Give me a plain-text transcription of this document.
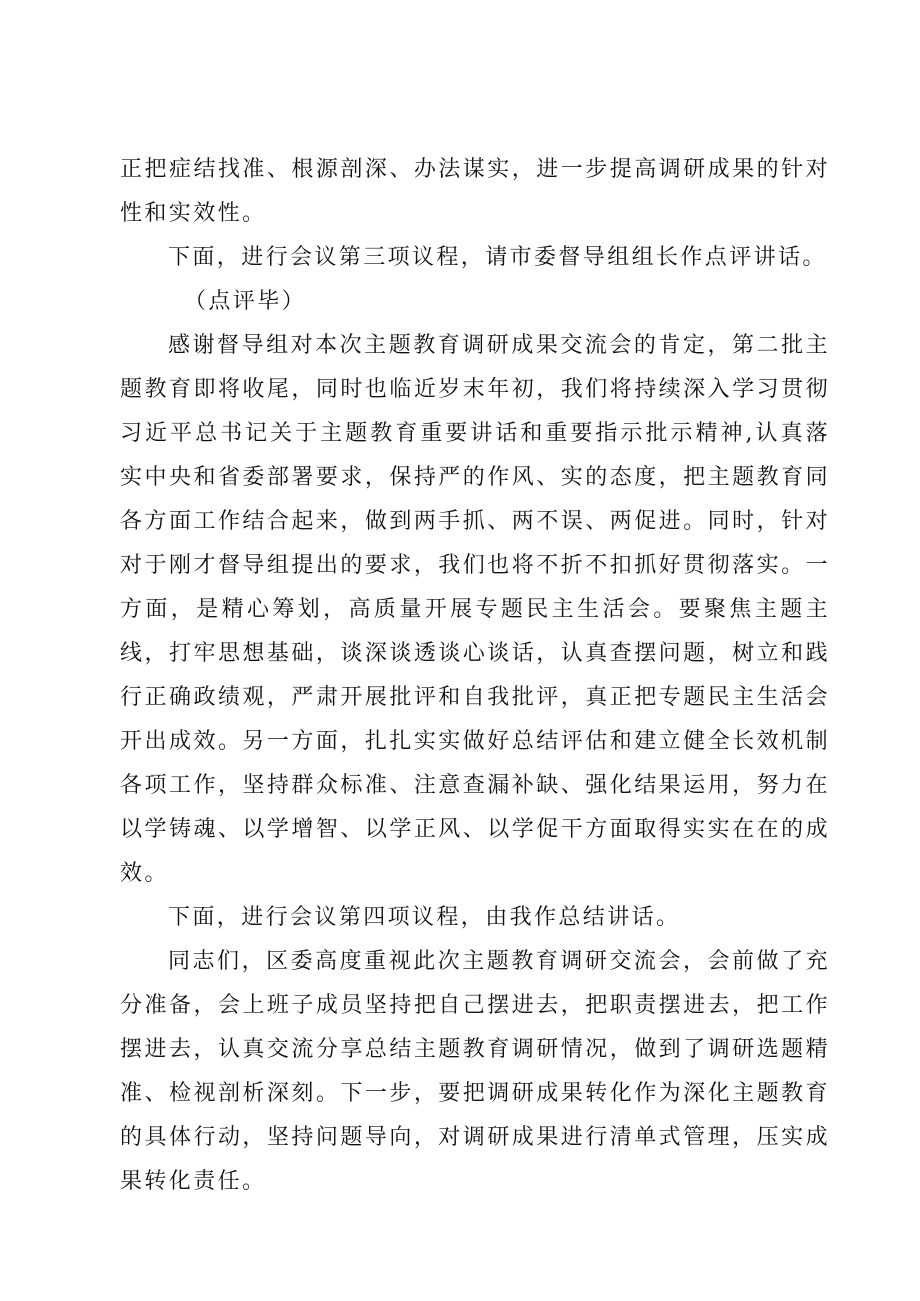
正把症结找准、根源剖深、办法谋实，进一步提高调研成果的针对性和实效性。

下面，进行会议第三项议程，请市委督导组组长作点评讲话。

（点评毕）

感谢督导组对本次主题教育调研成果交流会的肯定，第二批主题教育即将收尾，同时也临近岁末年初，我们将持续深入学习贯彻习近平总书记关于主题教育重要讲话和重要指示批示精神,认真落实中央和省委部署要求，保持严的作风、实的态度，把主题教育同各方面工作结合起来，做到两手抓、两不误、两促进。同时，针对对于刚才督导组提出的要求，我们也将不折不扣抓好贯彻落实。一方面，是精心筹划，高质量开展专题民主生活会。要聚焦主题主线，打牢思想基础，谈深谈透谈心谈话，认真查摆问题，树立和践行正确政绩观，严肃开展批评和自我批评，真正把专题民主生活会开出成效。另一方面，扎扎实实做好总结评估和建立健全长效机制各项工作，坚持群众标准、注意查漏补缺、强化结果运用，努力在以学铸魂、以学增智、以学正风、以学促干方面取得实实在在的成效。

下面，进行会议第四项议程，由我作总结讲话。

同志们，区委高度重视此次主题教育调研交流会，会前做了充分准备，会上班子成员坚持把自己摆进去，把职责摆进去，把工作摆进去，认真交流分享总结主题教育调研情况，做到了调研选题精准、检视剖析深刻。下一步，要把调研成果转化作为深化主题教育的具体行动，坚持问题导向，对调研成果进行清单式管理，压实成果转化责任。
